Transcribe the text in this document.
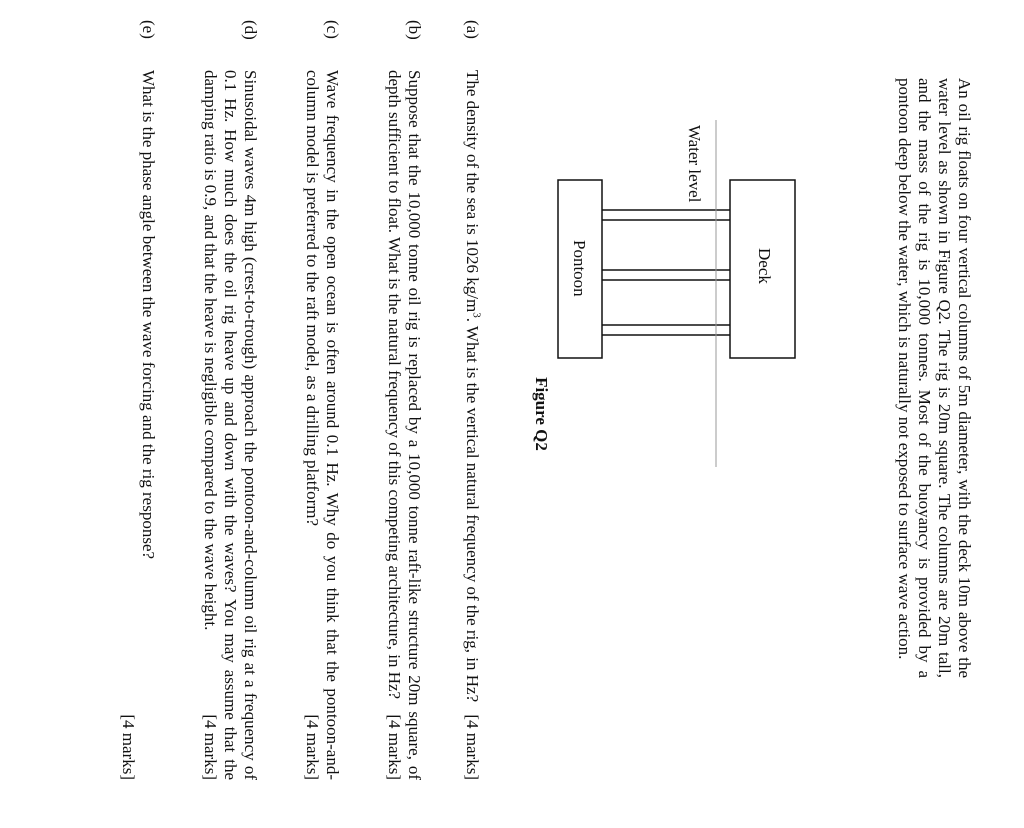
An oil rig floats on four vertical columns of 5m diameter, with the deck 10m above the water level as shown in Figure Q2. The rig is 20m square. The columns are 20m tall, and the mass of the rig is 10,000 tonnes. Most of the buoyancy is provided by a pontoon deep below the water, which is naturally not exposed to surface wave action.

Deck
Pontoon
Water level
Figure Q2
(a)
The density of the sea is 1026 $kg/m^3$. What is the vertical natural frequency of the rig, in Hz?
[4 marks]
(b)
Suppose that the 10,000 tonne oil rig is replaced by a 10,000 tonne raft-like structure 20m square, of depth sufficient to float. What is the natural frequency of this competing architecture, in Hz?
[4 marks]
(c)
Wave frequency in the open ocean is often around 0.1 Hz. Why do you think that the pontoon-and-column model is preferred to the raft model, as a drilling platform?
[4 marks]
(d)
Sinusoidal waves 4m high (crest-to-trough) approach the pontoon-and-column oil rig at a frequency of 0.1 Hz. How much does the oil rig heave up and down with the waves? You may assume that the damping ratio is 0.9, and that the heave is negligible compared to the wave height.
[4 marks]
(e)
What is the phase angle between the wave forcing and the rig response?
[4 marks]
